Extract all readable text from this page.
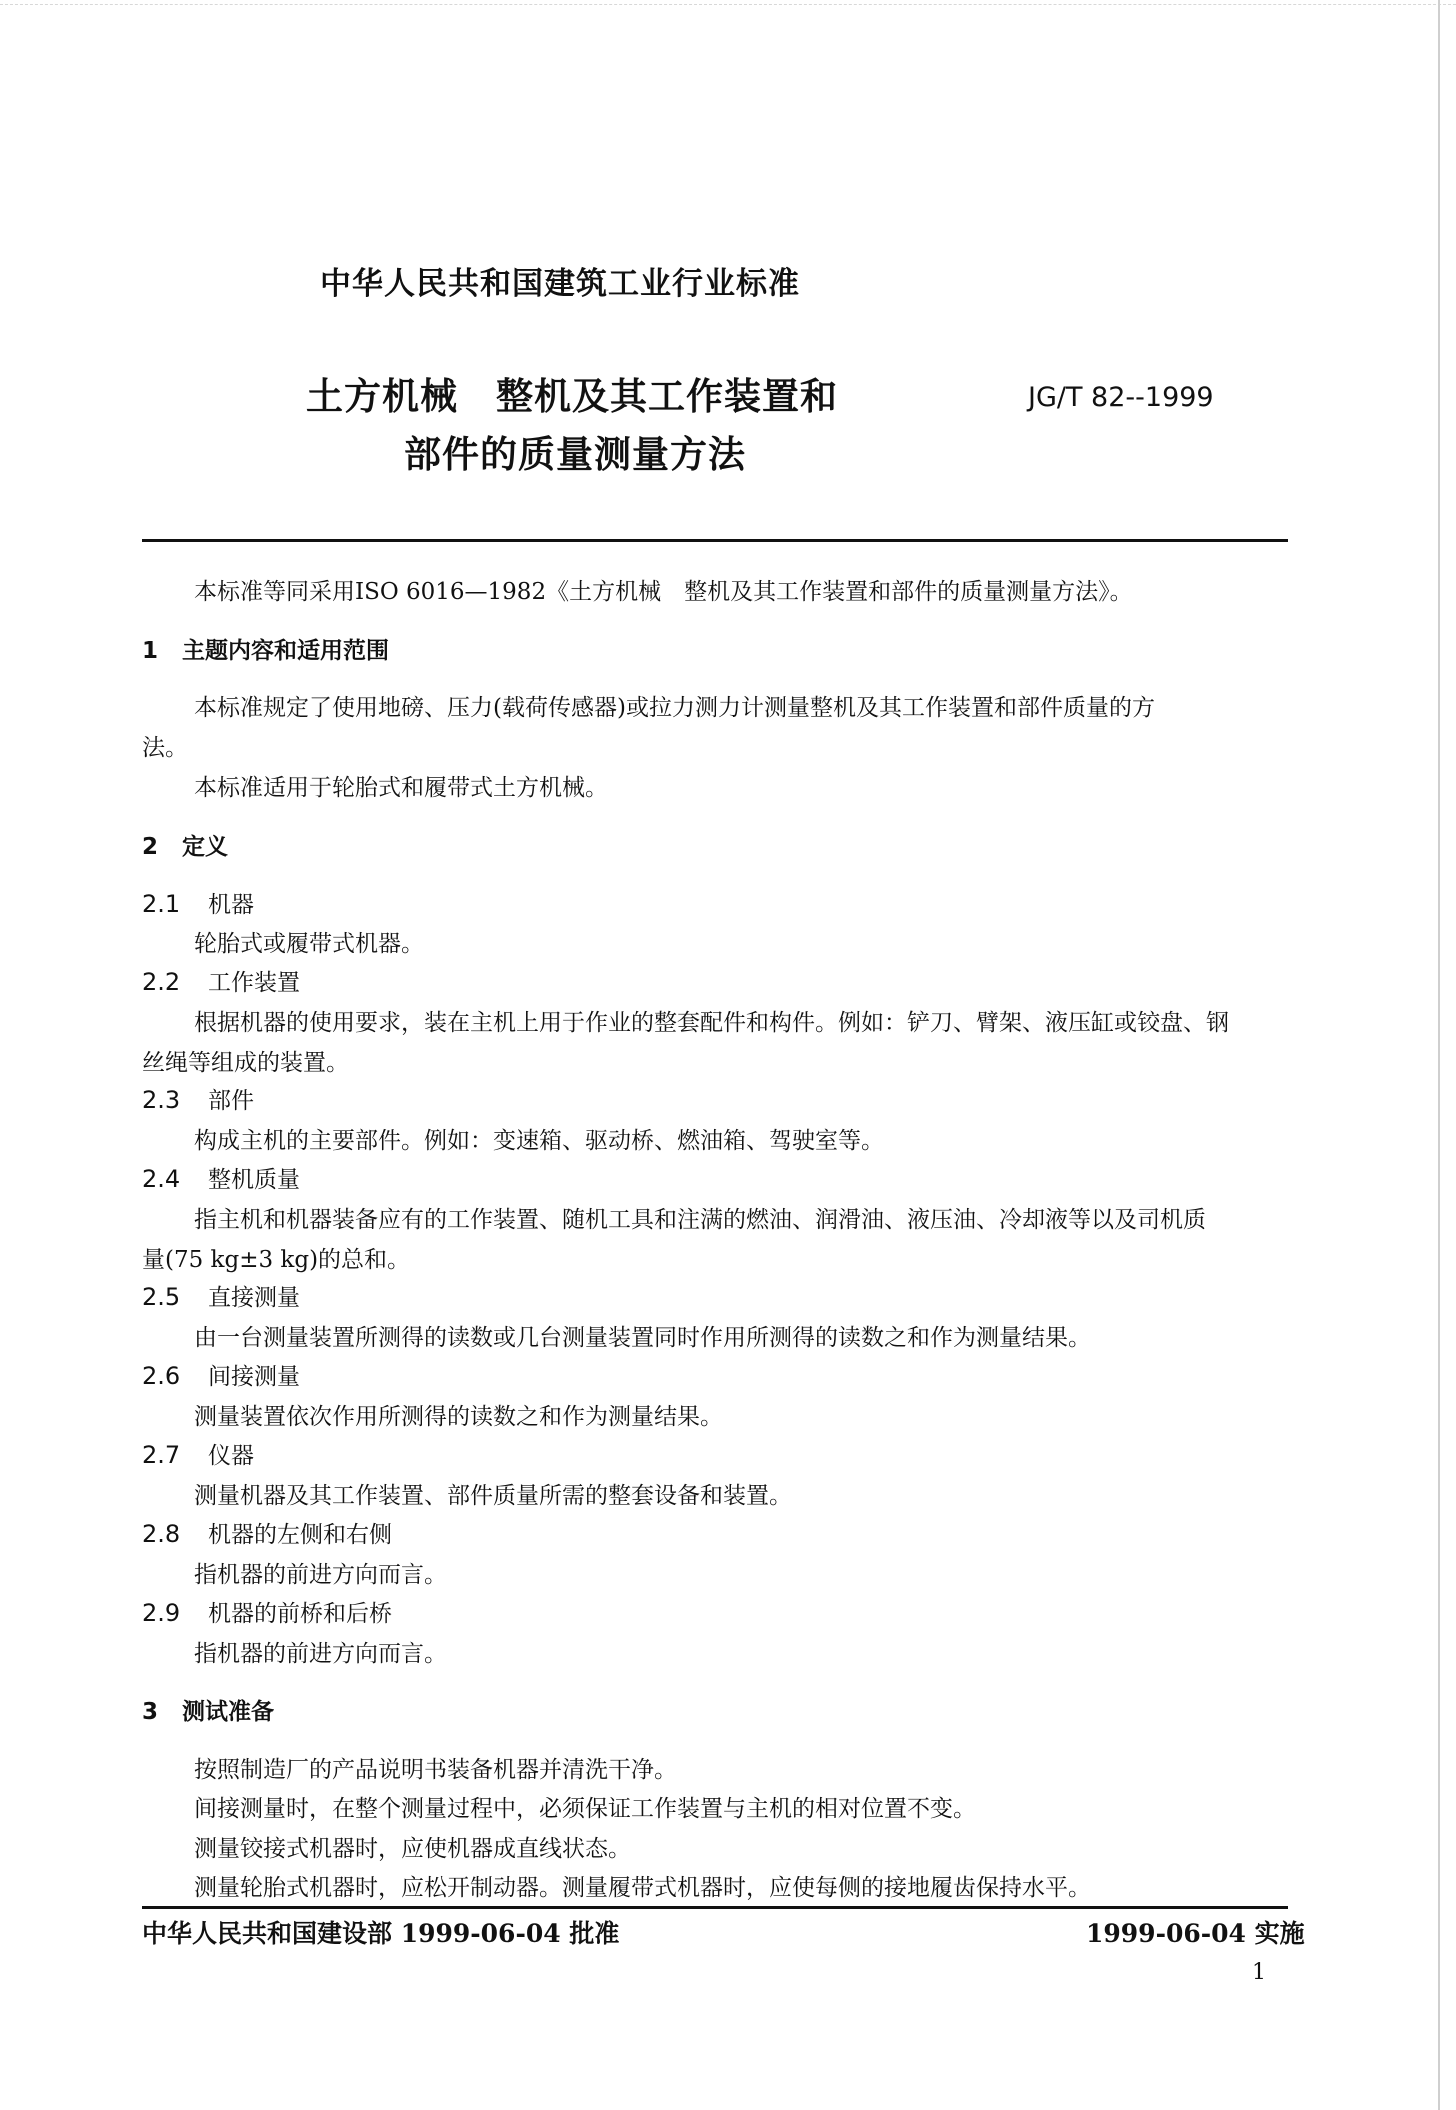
中华人民共和国建筑工业行业标准
土方机械　整机及其工作装置和
部件的质量测量方法
JG/T 82--1999
本标准等同采用ISO 6016—1982《土方机械　整机及其工作装置和部件的质量测量方法》。
1 主题内容和适用范围
本标准规定了使用地磅、压力(载荷传感器)或拉力测力计测量整机及其工作装置和部件质量的方
法。
本标准适用于轮胎式和履带式土方机械。
2 定义
2.1 机器
轮胎式或履带式机器。
2.2 工作装置
根据机器的使用要求，装在主机上用于作业的整套配件和构件。例如：铲刀、臂架、液压缸或铰盘、钢
丝绳等组成的装置。
2.3 部件
构成主机的主要部件。例如：变速箱、驱动桥、燃油箱、驾驶室等。
2.4 整机质量
指主机和机器装备应有的工作装置、随机工具和注满的燃油、润滑油、液压油、冷却液等以及司机质
量(75 kg±3 kg)的总和。
2.5 直接测量
由一台测量装置所测得的读数或几台测量装置同时作用所测得的读数之和作为测量结果。
2.6 间接测量
测量装置依次作用所测得的读数之和作为测量结果。
2.7 仪器
测量机器及其工作装置、部件质量所需的整套设备和装置。
2.8 机器的左侧和右侧
指机器的前进方向而言。
2.9 机器的前桥和后桥
指机器的前进方向而言。
3 测试准备
按照制造厂的产品说明书装备机器并清洗干净。
间接测量时，在整个测量过程中，必须保证工作装置与主机的相对位置不变。
测量铰接式机器时，应使机器成直线状态。
测量轮胎式机器时，应松开制动器。测量履带式机器时，应使每侧的接地履齿保持水平。
中华人民共和国建设部 1999-06-04 批准	1999-06-04 实施
1
